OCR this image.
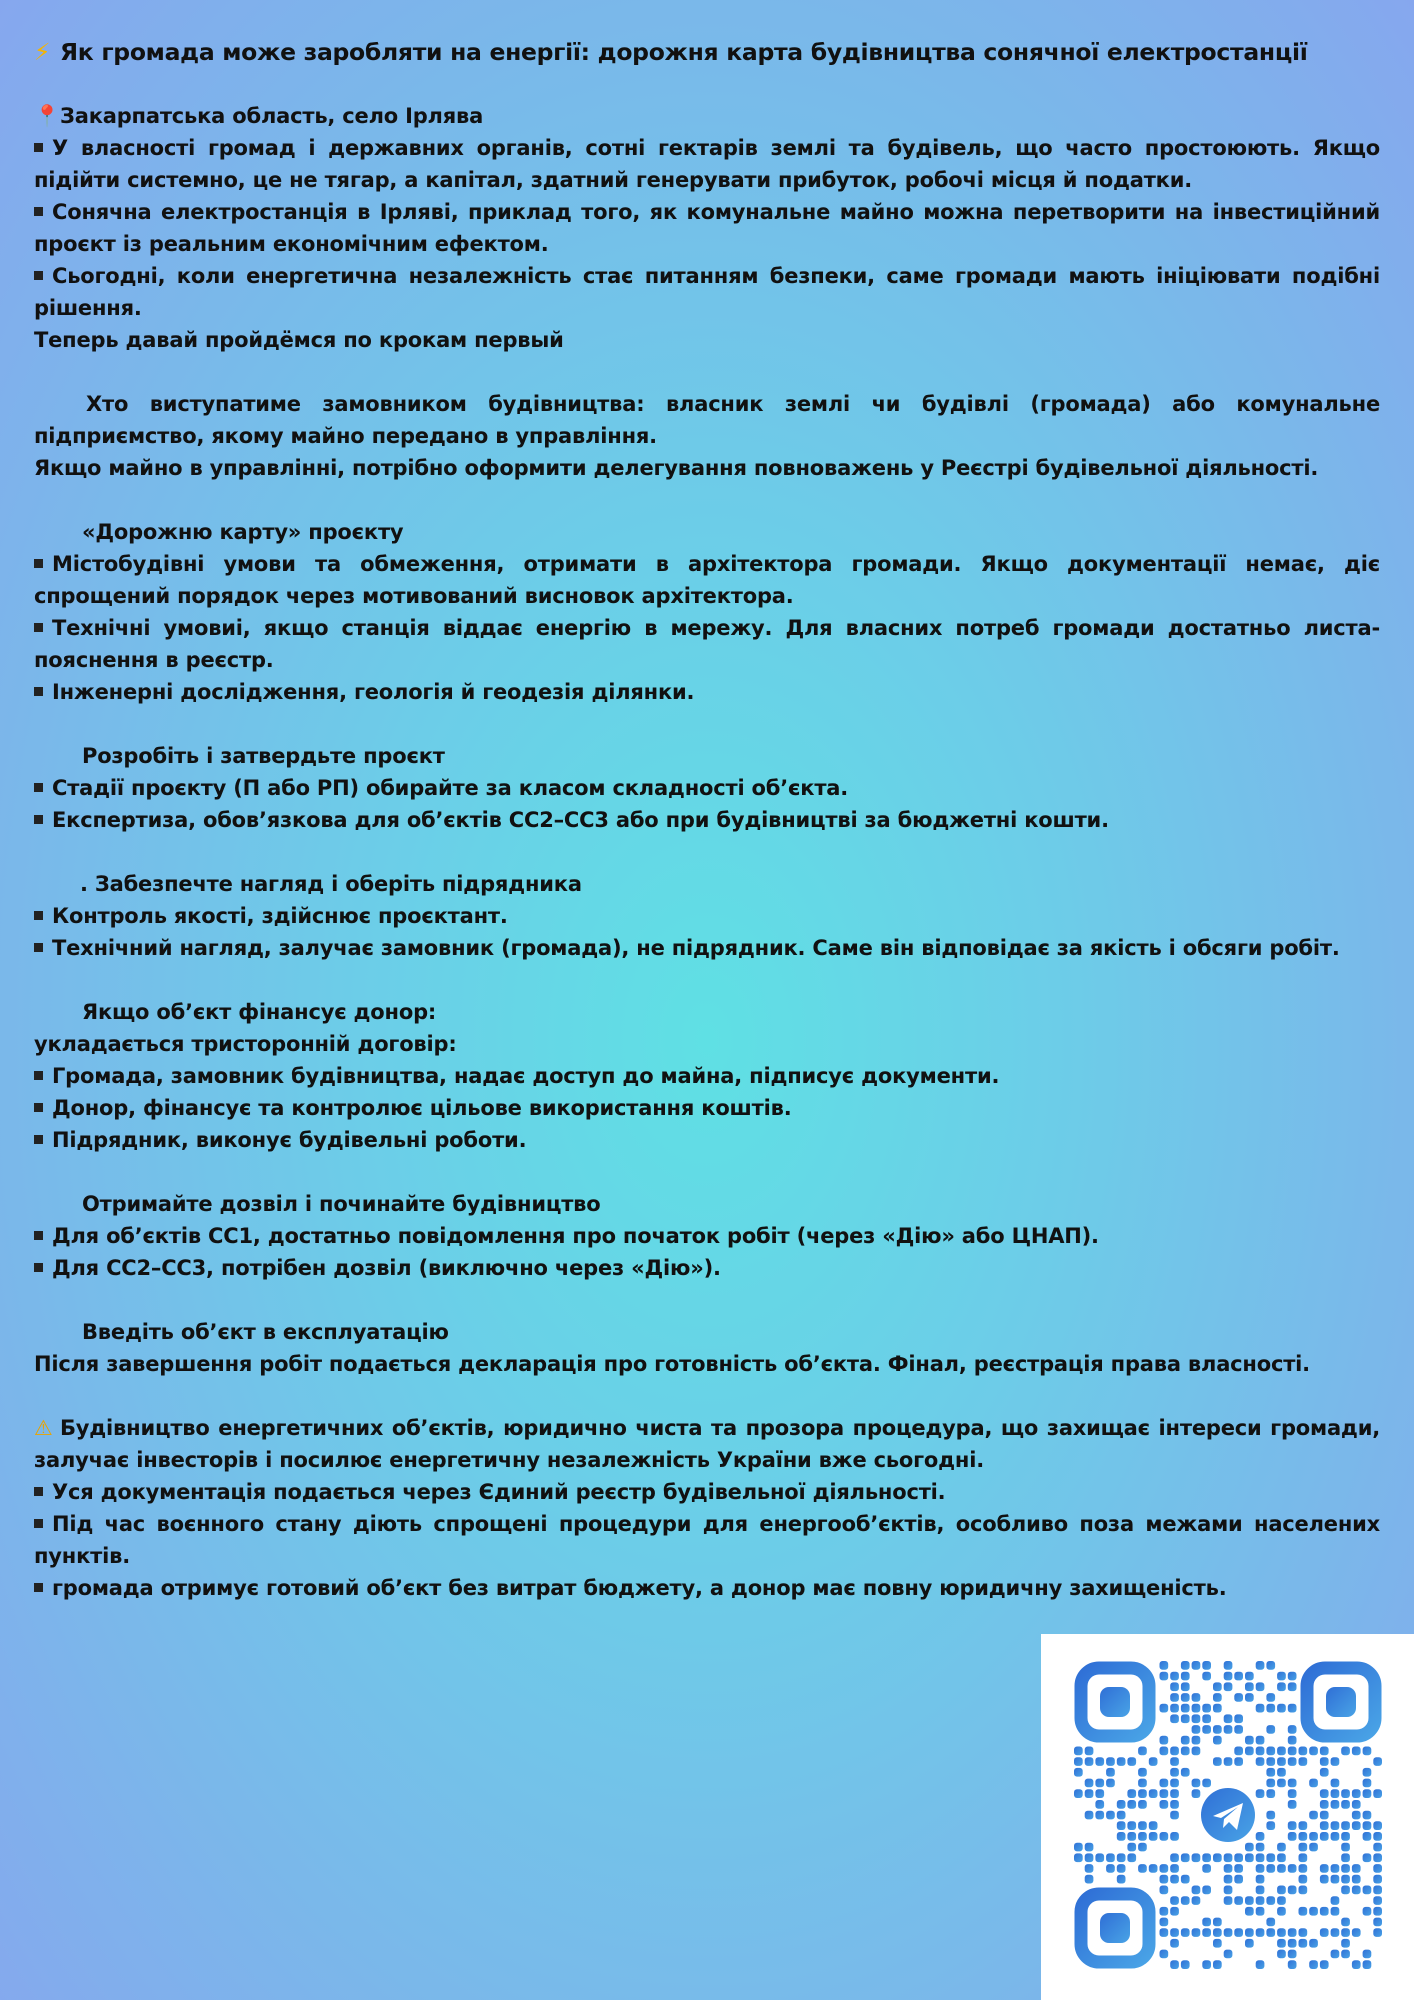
⚡ Як громада може заробляти на енергії: дорожня карта будівництва сонячної електростанції
📍Закарпатська область, село Ірлява
У власності громад і державних органів, сотні гектарів землі та будівель, що часто простоюють. Якщо підійти системно, це не тягар, а капітал, здатний генерувати прибуток, робочі місця й податки.
Сонячна електростанція в Ірляві, приклад того, як комунальне майно можна перетворити на інвестиційний проєкт із реальним економічним ефектом.
Сьогодні, коли енергетична незалежність стає питанням безпеки, саме громади мають ініціювати подібні рішення.
Теперь давай пройдёмся по крокам первый
Хто виступатиме замовником будівництва: власник землі чи будівлі (громада) або комунальне підприємство, якому майно передано в управління.
Якщо майно в управлінні, потрібно оформити делегування повноважень у Реєстрі будівельної діяльності.
«Дорожню карту» проєкту
Містобудівні умови та обмеження, отримати в архітектора громади. Якщо документації немає, діє спрощений порядок через мотивований висновок архітектора.
Технічні умовиі, якщо станція віддає енергію в мережу. Для власних потреб громади достатньо листа-пояснення в реєстр.
Інженерні дослідження, геологія й геодезія ділянки.
Розробіть і затвердьте проєкт
Стадії проєкту (П або РП) обирайте за класом складності об’єкта.
Експертиза, обов’язкова для об’єктів СС2–СС3 або при будівництві за бюджетні кошти.
. Забезпечте нагляд і оберіть підрядника
Контроль якості, здійснює проєктант.
Технічний нагляд, залучає замовник (громада), не підрядник. Саме він відповідає за якість і обсяги робіт.
Якщо об’єкт фінансує донор:
укладається тристоронній договір:
Громада, замовник будівництва, надає доступ до майна, підписує документи.
Донор, фінансує та контролює цільове використання коштів.
Підрядник, виконує будівельні роботи.
Отримайте дозвіл і починайте будівництво
Для об’єктів СС1, достатньо повідомлення про початок робіт (через «Дію» або ЦНАП).
Для СС2–СС3, потрібен дозвіл (виключно через «Дію»).
Введіть об’єкт в експлуатацію
Після завершення робіт подається декларація про готовність об’єкта. Фінал, реєстрація права власності.
⚠ Будівництво енергетичних об’єктів, юридично чиста та прозора процедура, що захищає інтереси громади, залучає інвесторів і посилює енергетичну незалежність України вже сьогодні.
Уся документація подається через Єдиний реєстр будівельної діяльності.
Під час воєнного стану діють спрощені процедури для енергооб’єктів, особливо поза межами населених пунктів.
громада отримує готовий об’єкт без витрат бюджету, а донор має повну юридичну захищеність.
